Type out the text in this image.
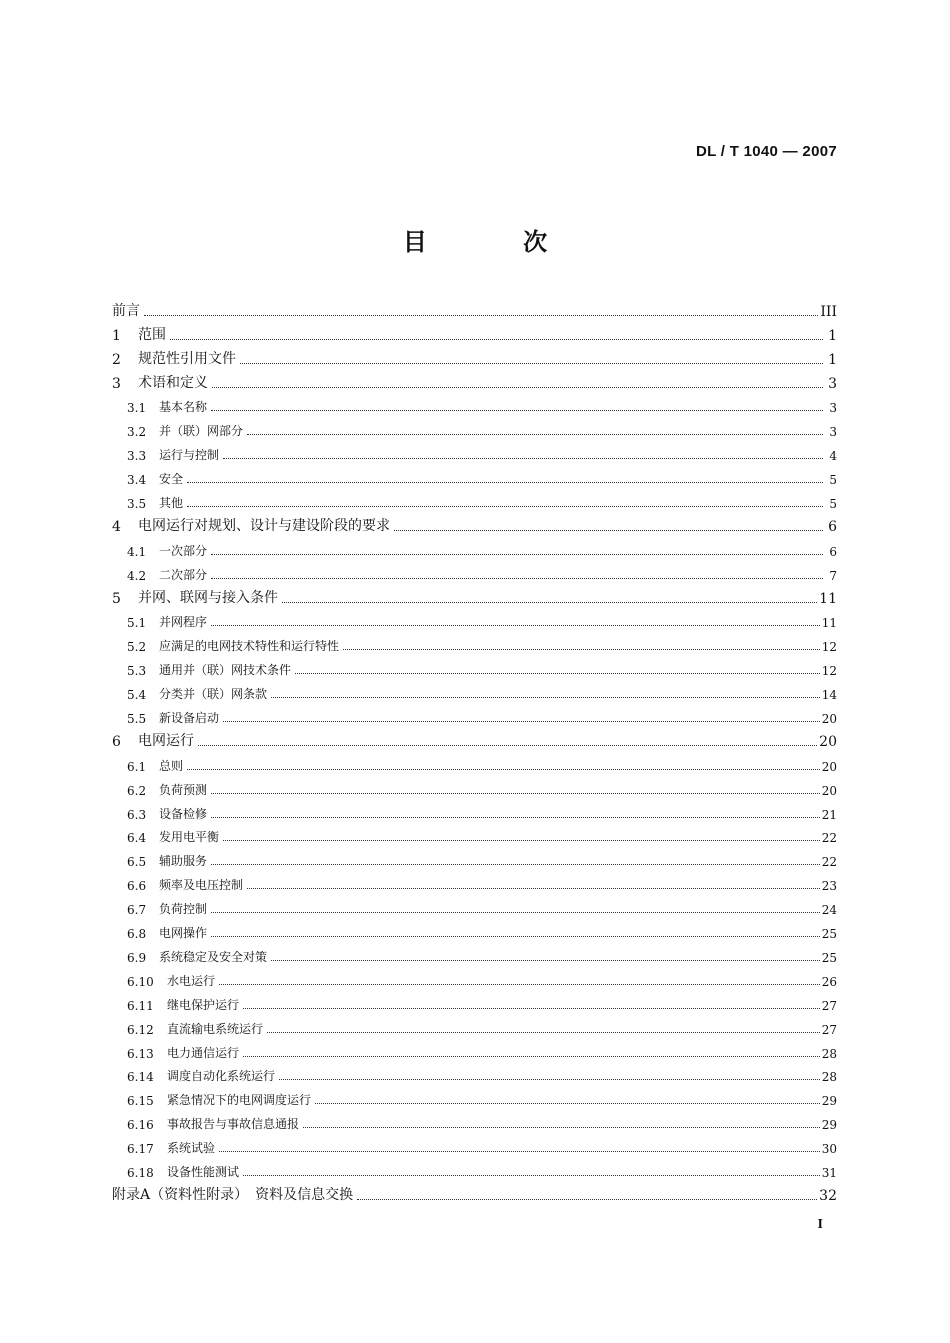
DL / T 1040 — 2007
目 次
前言	III
1	范围	1
2	规范性引用文件	1
3	术语和定义	3
3.1	基本名称	3
3.2	并（联）网部分	3
3.3	运行与控制	4
3.4	安全	5
3.5	其他	5
4	电网运行对规划、设计与建设阶段的要求	6
4.1	一次部分	6
4.2	二次部分	7
5	并网、联网与接入条件	11
5.1	并网程序	11
5.2	应满足的电网技术特性和运行特性	12
5.3	通用并（联）网技术条件	12
5.4	分类并（联）网条款	14
5.5	新设备启动	20
6	电网运行	20
6.1	总则	20
6.2	负荷预测	20
6.3	设备检修	21
6.4	发用电平衡	22
6.5	辅助服务	22
6.6	频率及电压控制	23
6.7	负荷控制	24
6.8	电网操作	25
6.9	系统稳定及安全对策	25
6.10	水电运行	26
6.11	继电保护运行	27
6.12	直流输电系统运行	27
6.13	电力通信运行	28
6.14	调度自动化系统运行	28
6.15	紧急情况下的电网调度运行	29
6.16	事故报告与事故信息通报	29
6.17	系统试验	30
6.18	设备性能测试	31
附录A（资料性附录）　资料及信息交换	32
I
